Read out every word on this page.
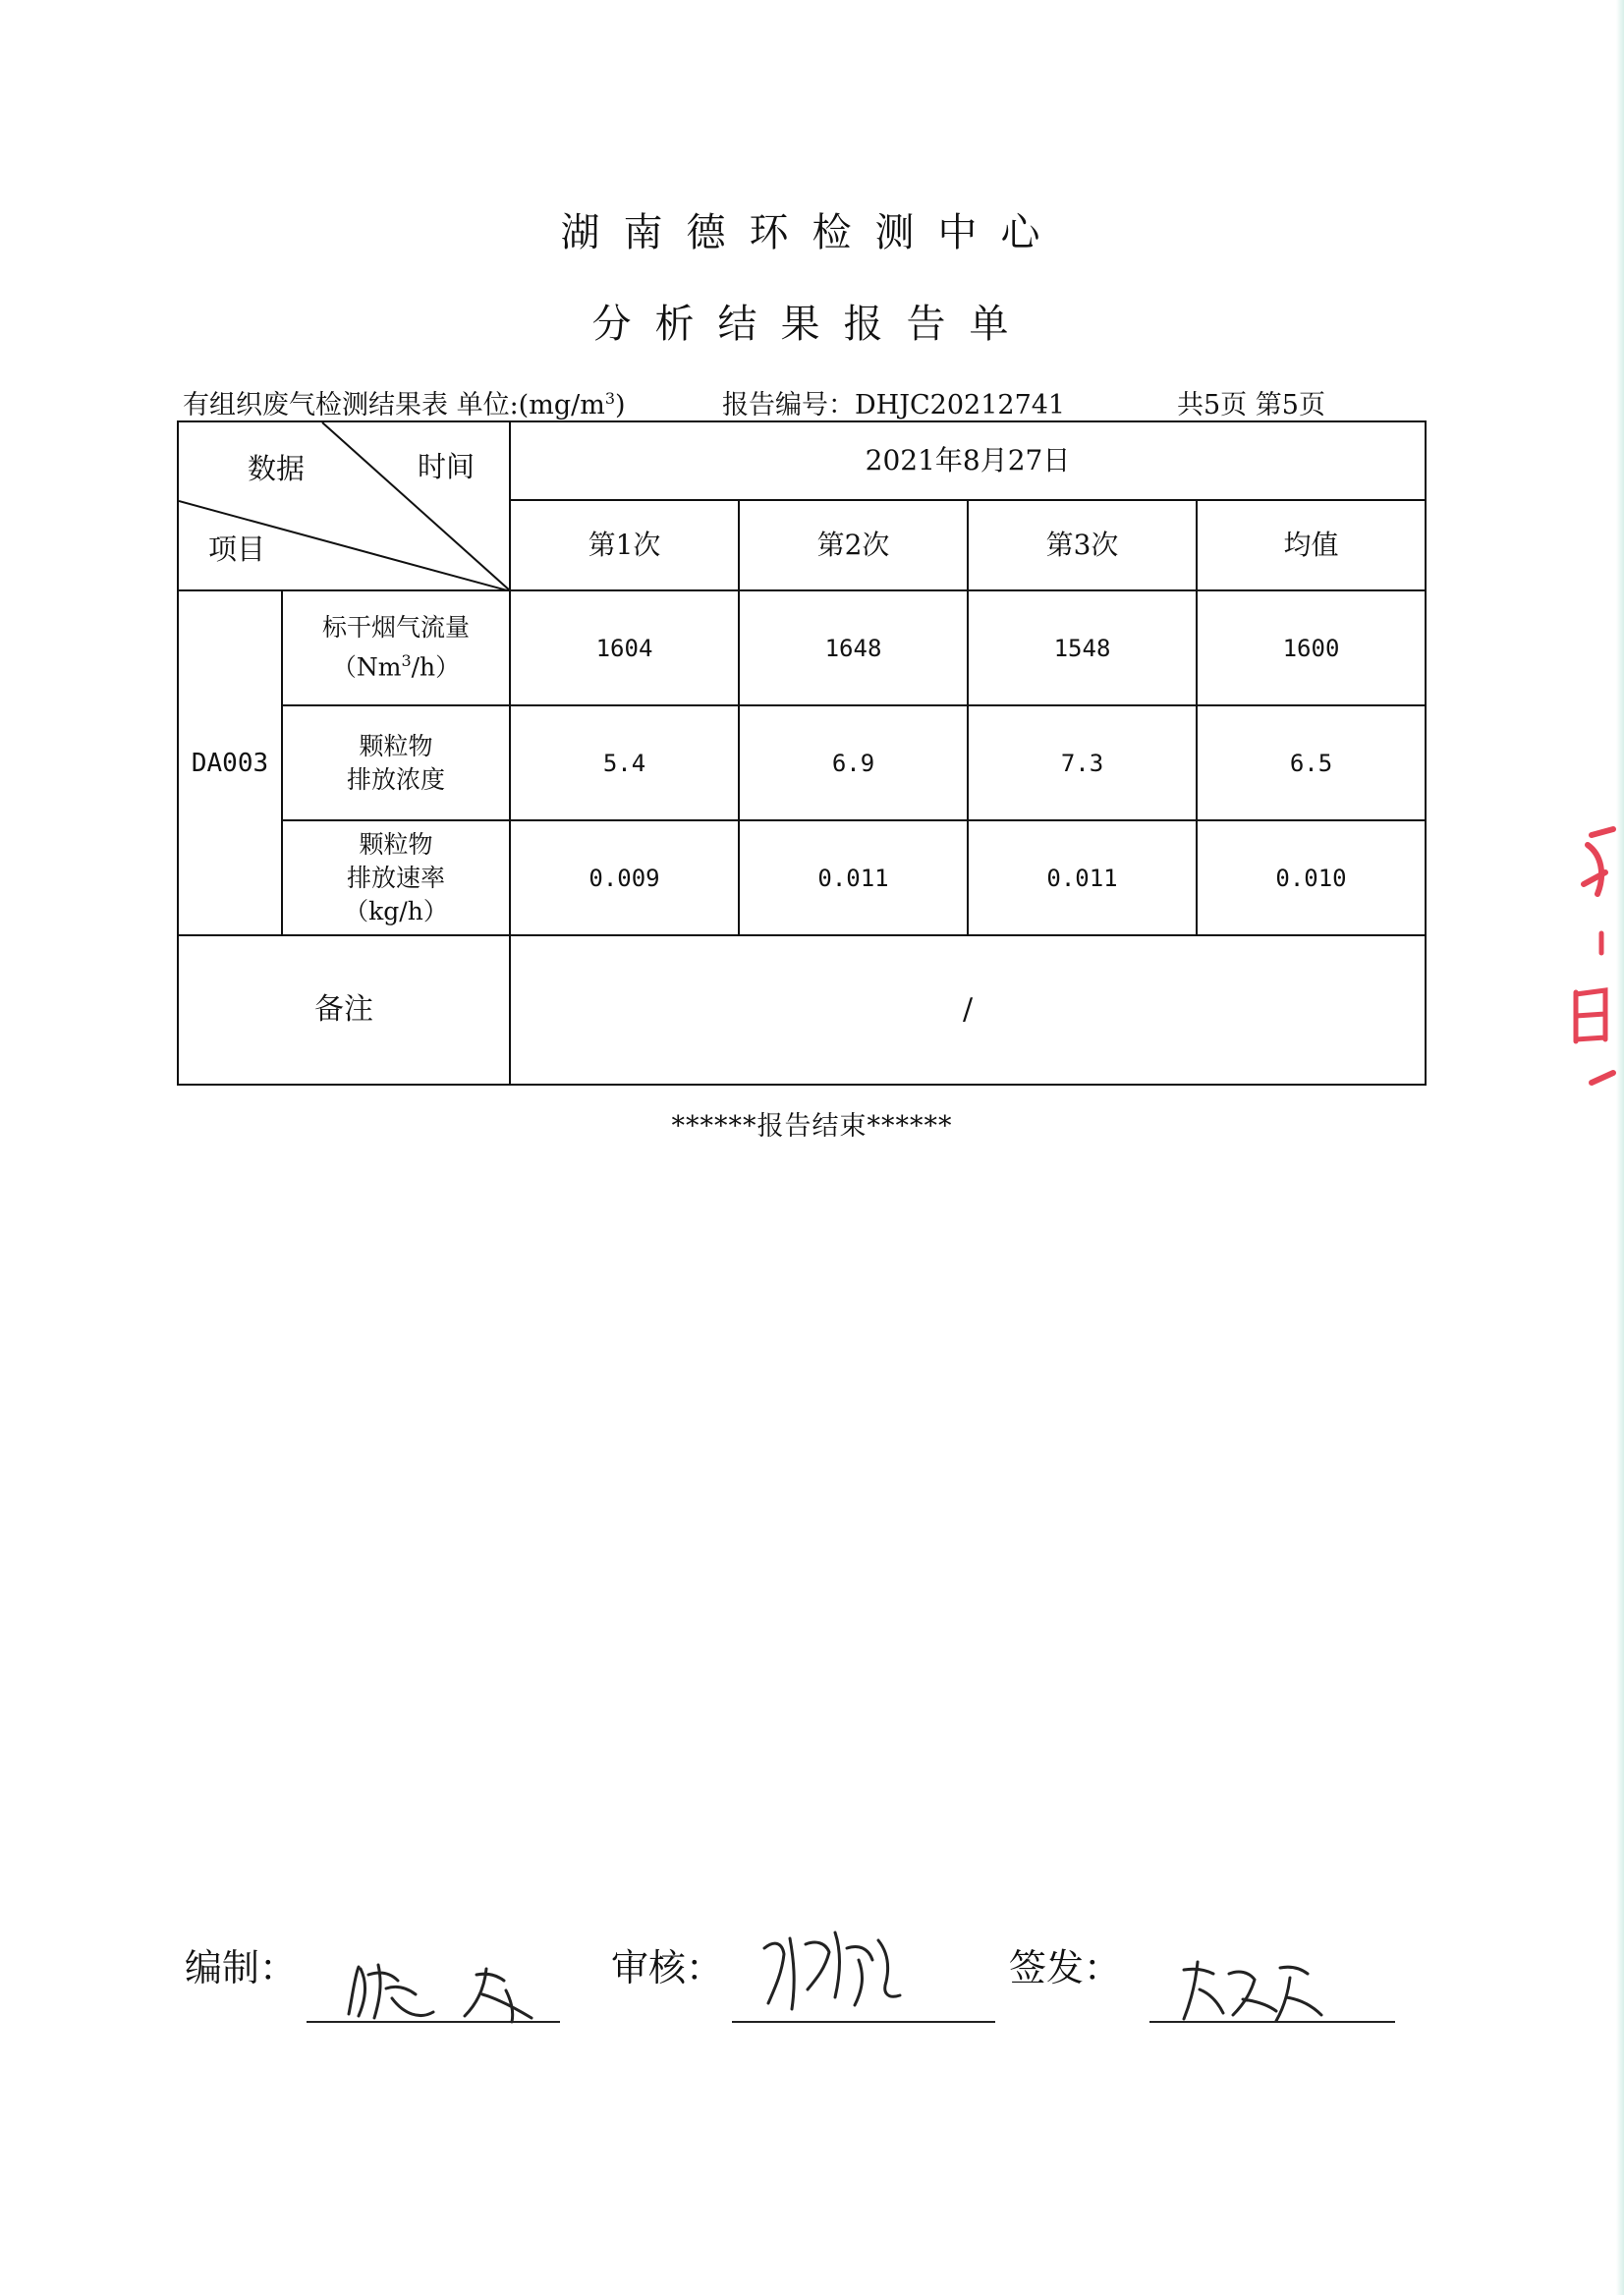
湖南德环检测中心
分析结果报告单
有组织废气检测结果表 单位$:(mg/m^3)$	报告编号：DHJC20212741	共5页 第5页
数据 时间
项目		2021年8月27日			
		第1次	第2次	第3次	均值
DA003	标干烟气流量
（Nm$^3$/h）	1604	1648	1548	1600

	颗粒物
排放浓度	5.4	6.9	7.3	6.5

	颗粒物
排放速率
（kg/h）	0.009	0.011	0.011	0.010
备注		/			
******报告结束******
编制：	审核：	签发：
